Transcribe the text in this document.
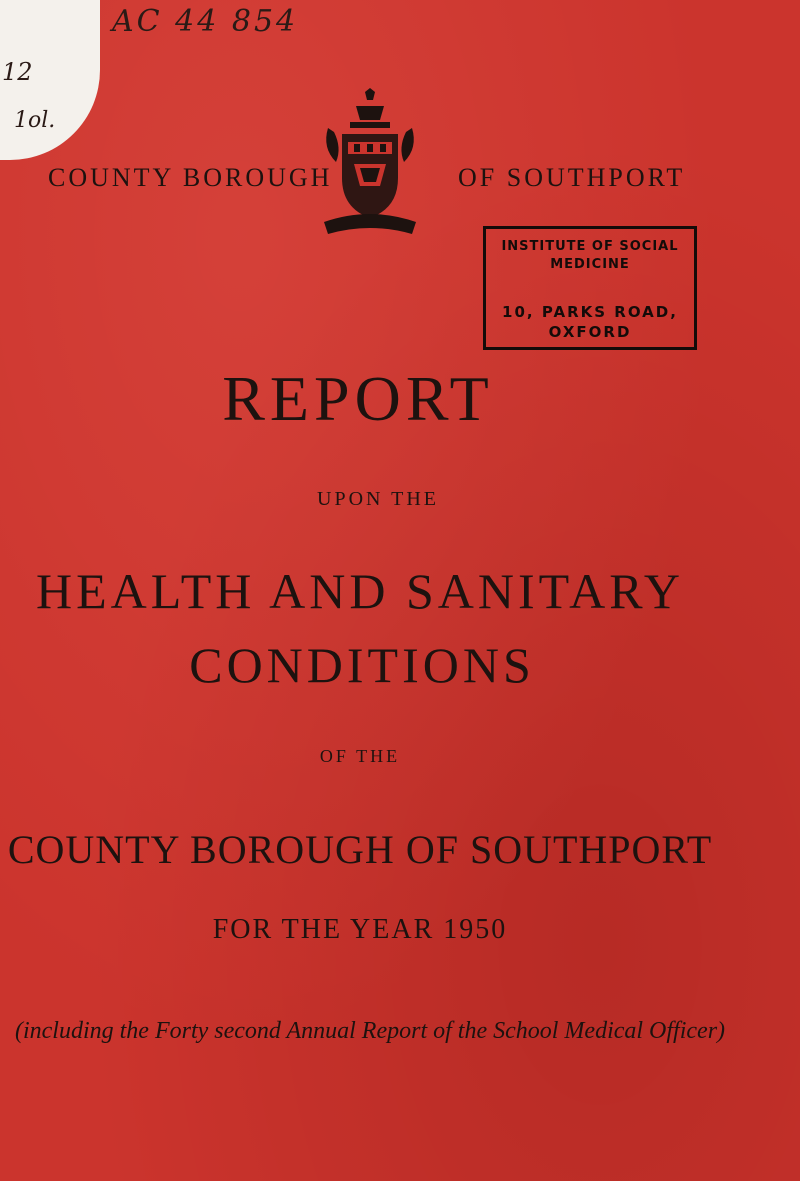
AC 44 854
12
1ol.
COUNTY BOROUGH	OF SOUTHPORT
INSTITUTE OF SOCIAL
MEDICINE
10, PARKS ROAD,
OXFORD
REPORT
UPON THE
HEALTH AND SANITARY
CONDITIONS
OF THE
COUNTY BOROUGH OF SOUTHPORT
FOR THE YEAR 1950
(including the Forty second Annual Report of the School Medical Officer)
